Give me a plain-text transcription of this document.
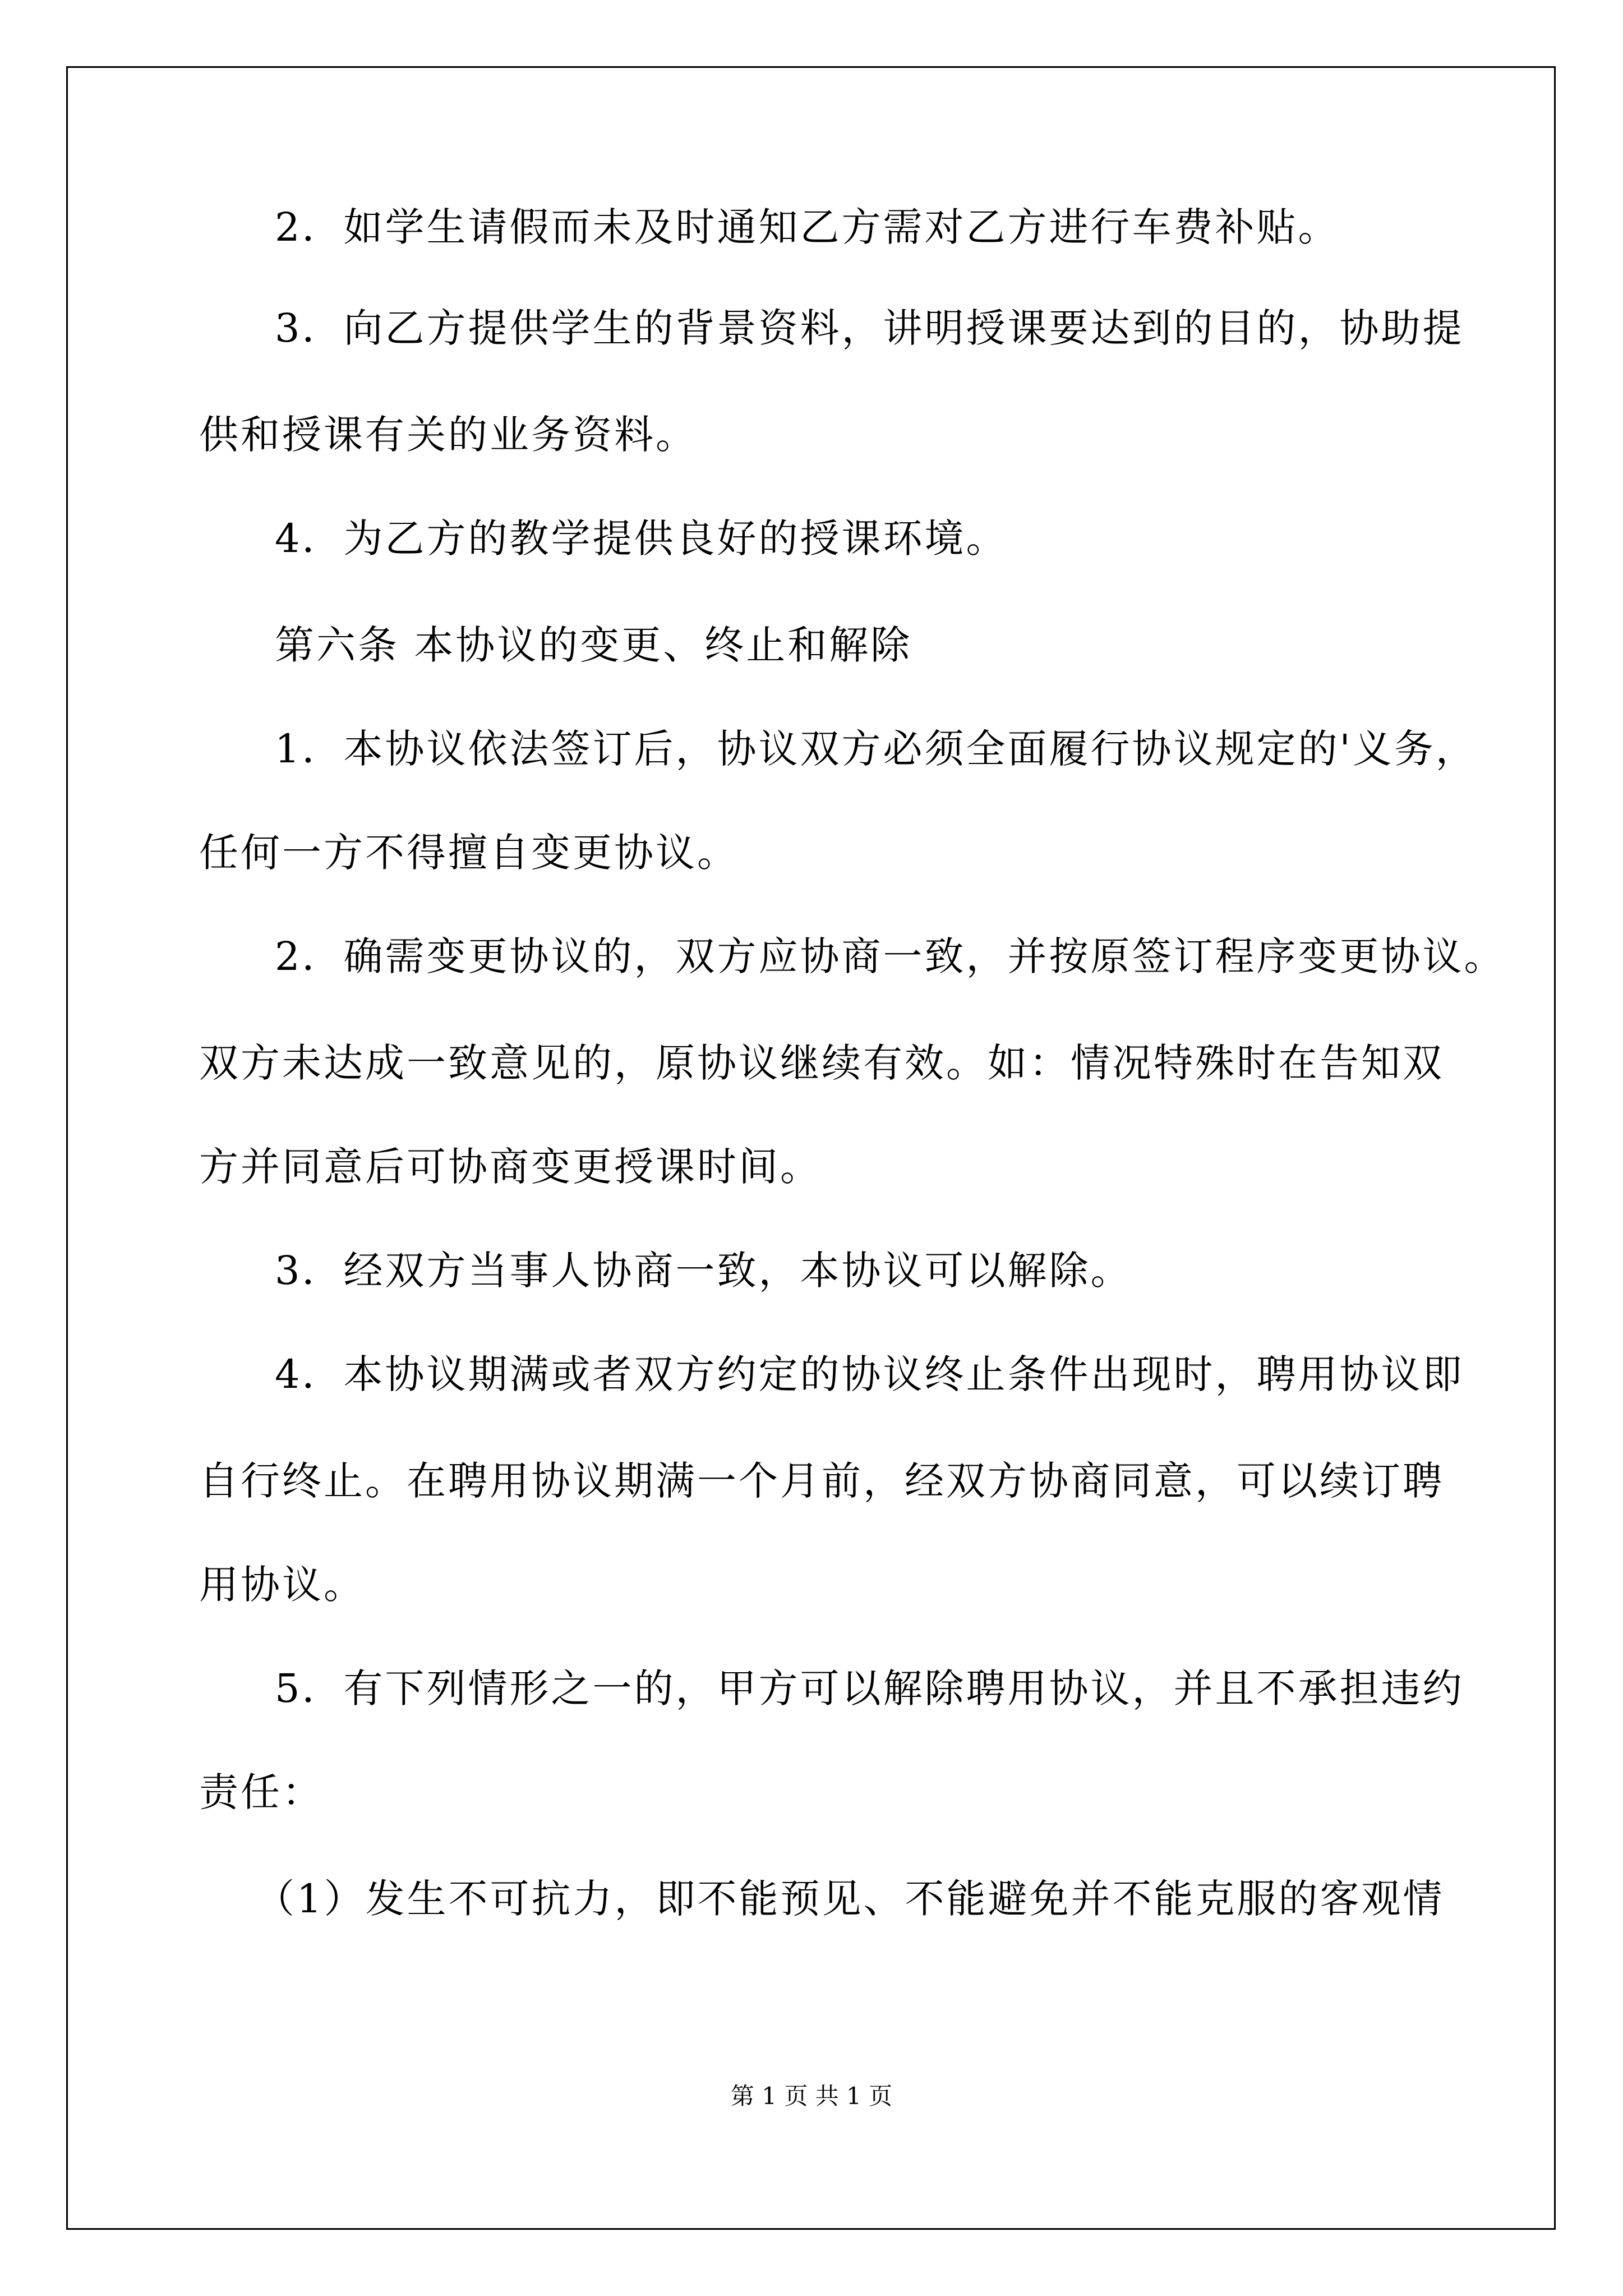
2．如学生请假而未及时通知乙方需对乙方进行车费补贴。
3．向乙方提供学生的背景资料，讲明授课要达到的目的，协助提
供和授课有关的业务资料。
4．为乙方的教学提供良好的授课环境。
第六条 本协议的变更、终止和解除
1．本协议依法签订后，协议双方必须全面履行协议规定的'义务，
任何一方不得擅自变更协议。
2．确需变更协议的，双方应协商一致，并按原签订程序变更协议。
双方未达成一致意见的，原协议继续有效。如：情况特殊时在告知双
方并同意后可协商变更授课时间。
3．经双方当事人协商一致，本协议可以解除。
4．本协议期满或者双方约定的协议终止条件出现时，聘用协议即
自行终止。在聘用协议期满一个月前，经双方协商同意，可以续订聘
用协议。
5．有下列情形之一的，甲方可以解除聘用协议，并且不承担违约
责任：
（1）发生不可抗力，即不能预见、不能避免并不能克服的客观情
第 1 页 共 1 页
